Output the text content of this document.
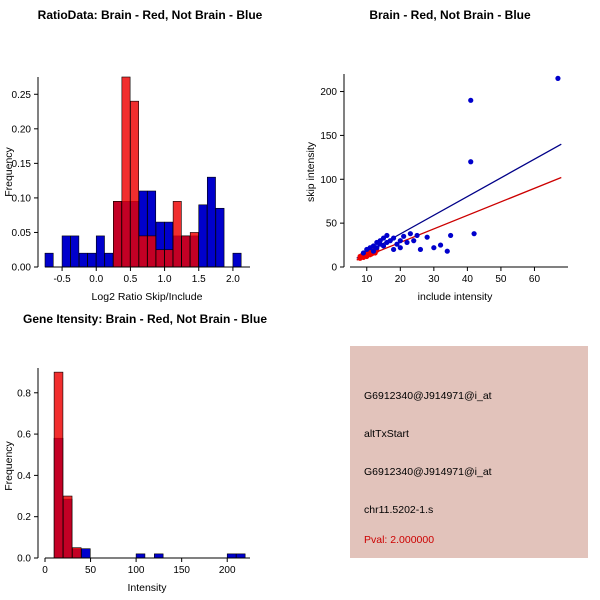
RatioData: Brain - Red, Not Brain - Blue
-0.5 0.0 0.5 1.0 1.5 2.0
0.00
0.05
0.10
0.15
0.20
0.25
Log2 Ratio Skip/Include
Frequency
Brain - Red, Not Brain - Blue
10 20 30 40 50 60
0
50
100
150
200
include intensity
skip intensity
Gene Itensity: Brain - Red, Not Brain - Blue
0	50	100	150	200
0.0
0.2
0.4
0.6
0.8
Intensity
Frequency
G6912340@J914971@i_at
altTxStart
G6912340@J914971@i_at
chr11.5202-1.s
Pval: 2.000000
